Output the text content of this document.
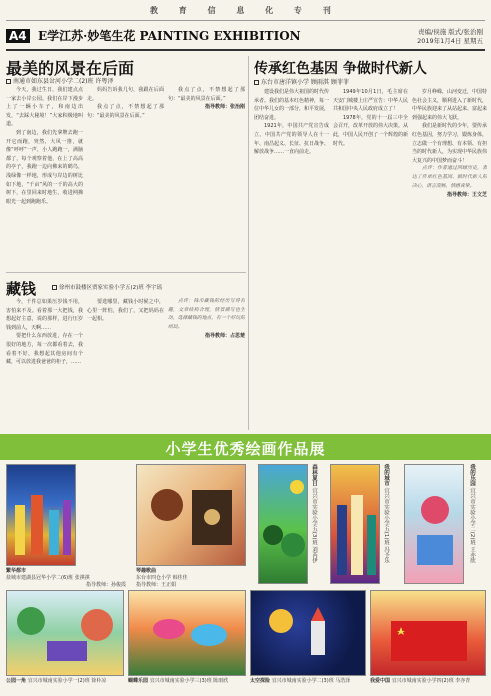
教 育 信 息 化 专 刊
A4 E学江苏·妙笔生花 PAINTING EXHIBITION	责编/侯施 版式/张治刚
2019年1月4日 星期五
最美的风景在后面
南通市如东县岔河小学二(2)班 许粤泽

今天，我过生日，我们建点点一家去小岸公园。我们在岸下漫步上了一辆小车子，和南边出发，“去踩大秘境！”大家积极地叫道。

到了南边，我们先拿牌去跑一开它而跑，突然，大风一推，就像“呼呼”一声，小人跑跑一，满脑都了，每个观察着他，在上了高高的亭子，我跑一边向佛来的鹤鸟，浅绿像一样地，形成与岸边的树比如下地，“千亩”风的一千的高大的树下，在里回来时地生，收进网拂眼光一起到跑跑乐。

妈妈告诉我几句，我跟在后面走。

我点了点，不禁想起了那句：“最美的风景在后面。”

我点了点，不禁想起了那句：“最美的风景在后面。”

指导教师：张治刚

藏钱	徐州市鼓楼区贾家实验小学五(2)班 李宇瑶

今，千件总如果压岁钱不用，害怕来不及。看着那一大把钱，我想起好主意，说的那样，进行压岁钱到前人，天啊……

要把什么东西放进，存在一个很好的地方，每一次都看着去，我看着不好，我想起其他房间有个藏，可以放进我爸爸的柜子，……

要选哪里，藏钱小时候之中，心里一阵怕，我们了，又把妈妈在一起相。

点评：钱币藏钱的经历写得有趣，文章结构合理，情景描写也生动，选择藏钱的地点，有一个好玩的结局。

指导教师：占思楚

传承红色基因 争做时代新人
东台市唐洋镇小学 顾雨淇 顾菲菲

建设我们是伟大祖国的时代传承者。我们的基本红色精神，每一位中华儿女的一部分，和平发展，团结奋进。

1921年，中国共产党宣告成立，中国共产党的领导人在十一年、南昌起义、长征、抗日战争、解放战争……一直向前走。

1949年10月1日，毛主席在天安门城楼上庄严宣告：中华人民共和国中央人民政府成立了！

1978年，党的十一届三中全会召开，改革开放的伟大决策。从此，中国人民开创了一个辉煌的新时代。

岁月峥嵘，山河变迁，中国特色社会主义，顺利进入了新时代，中华民族迎来了从站起来、富起来到强起来的伟大飞跃。

我们是新时代的少年，要传承红色基因，努力学习，锻炼身体，立志做一个有理想、有本领、有担当的时代新人，为实现中华民族伟大复兴的中国梦而奋斗！

点评：作者通过回顾历史，表达了传承红色基因、做时代新人的决心，语言流畅，情感真挚。

指导教师：王文芝

小学生优秀绘画作品展
繁华都市
盐城市建湖县冠华小学二(6)班 张祺祺
指导教师：孙俊霞
琴趣歌曲
东台市四仓小学 韩佳佳
指导教师：王正娟
森林夏日 宜兴市实验小学五(3)班 刘芮伊
我的城市 宜兴市实验小学五(1)班 冯予乐
我的乐园 宜兴市实验小学二(2)班 王亦欣
公园一角 宜兴市城南实验小学一(2)班 徐朴凉	蝴蝶乐园 宜兴市城南实验小学三(3)班 陈雨欣	太空探险 宜兴市城南实验小学二(3)班 马浩泽	我爱中国 宜兴市城南实验小学四(2)班 李亦青
